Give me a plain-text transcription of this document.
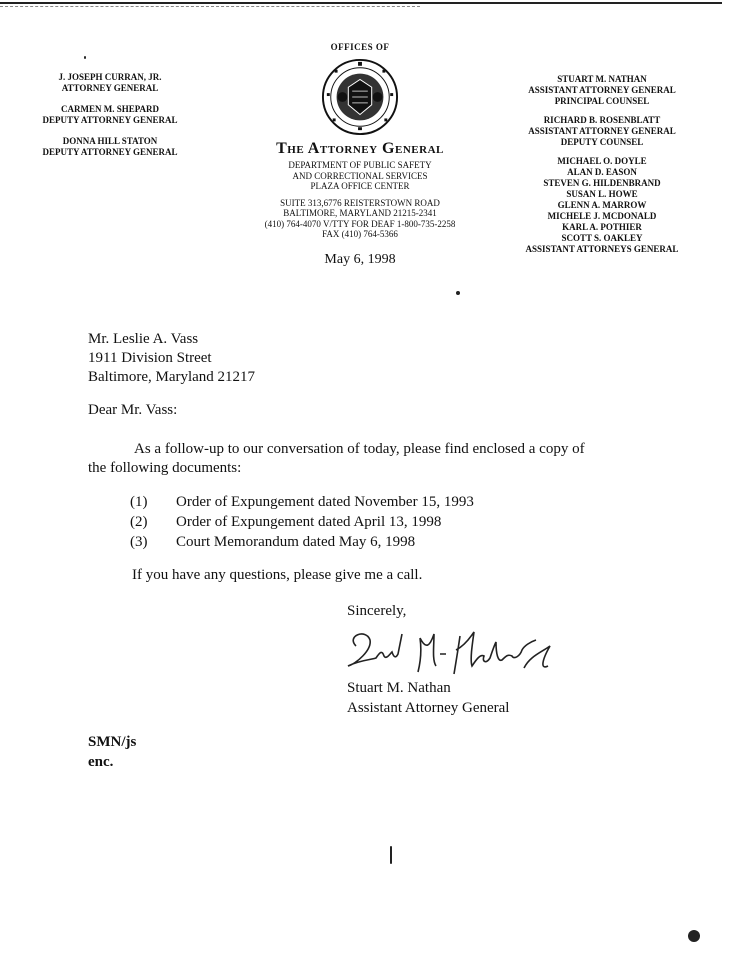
J. JOSEPH CURRAN, JR.
ATTORNEY GENERAL
CARMEN M. SHEPARD
DEPUTY ATTORNEY GENERAL
DONNA HILL STATON
DEPUTY ATTORNEY GENERAL
OFFICES OF
The Attorney General
DEPARTMENT OF PUBLIC SAFETY
AND CORRECTIONAL SERVICES
PLAZA OFFICE CENTER
SUITE 313,6776 REISTERSTOWN ROAD
BALTIMORE, MARYLAND 21215-2341
(410) 764-4070 V/TTY FOR DEAF 1-800-735-2258
FAX (410) 764-5366
May 6, 1998
STUART M. NATHAN
ASSISTANT ATTORNEY GENERAL
PRINCIPAL COUNSEL
RICHARD B. ROSENBLATT
ASSISTANT ATTORNEY GENERAL
DEPUTY COUNSEL
MICHAEL O. DOYLE
ALAN D. EASON
STEVEN G. HILDENBRAND
SUSAN L. HOWE
GLENN A. MARROW
MICHELE J. MCDONALD
KARL A. POTHIER
SCOTT S. OAKLEY
ASSISTANT ATTORNEYS GENERAL
Mr. Leslie A. Vass
1911 Division Street
Baltimore, Maryland 21217
Dear Mr. Vass:
As a follow-up to our conversation of today, please find enclosed a copy of
the following documents:
(1)	Order of Expungement dated November 15, 1993
(2)	Order of Expungement dated April 13, 1998
(3)	Court Memorandum dated May 6, 1998
If you have any questions, please give me a call.
Sincerely,
Stuart M. Nathan
Assistant Attorney General
SMN/js
enc.
